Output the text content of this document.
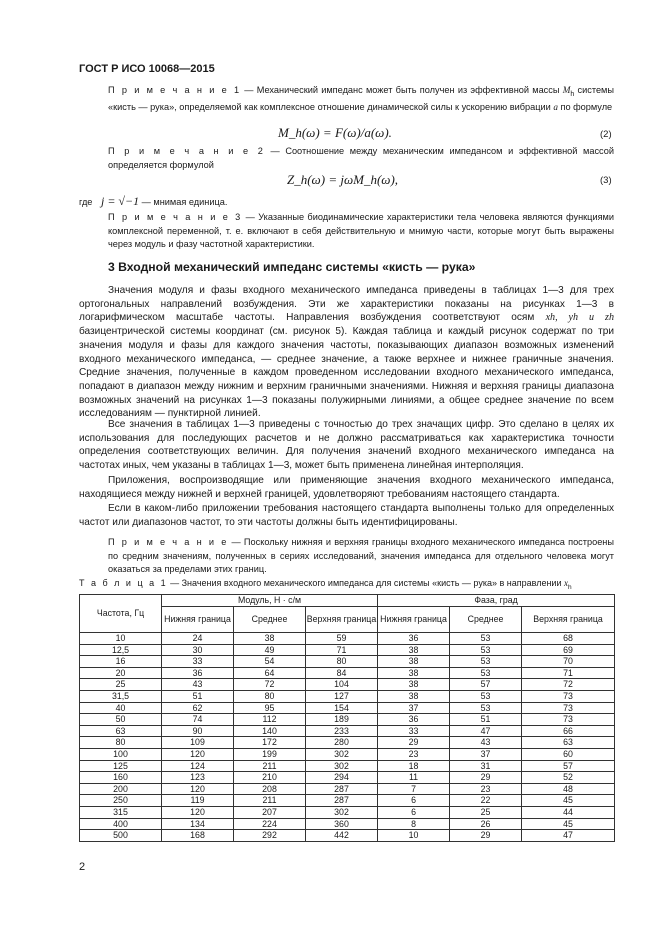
ГОСТ Р ИСО 10068—2015
П р и м е ч а н и е 1 — Механический импеданс может быть получен из эффективной массы $M_h$ системы «кисть — рука», определяемой как комплексное отношение динамической силы к ускорению вибрации a по формуле
M_h(ω) = F(ω)/a(ω).	(2)
П р и м е ч а н и е 2 — Соотношение между механическим импедансом и эффективной массой определяется формулой
Z_h(ω) = jωM_h(ω),	(3)
где j = √−1 — мнимая единица.
П р и м е ч а н и е 3 — Указанные биодинамические характеристики тела человека являются функциями комплексной переменной, т. е. включают в себя действительную и мнимую части, которые могут быть выражены через модуль и фазу частотной характеристики.
3 Входной механический импеданс системы «кисть — рука»
Значения модуля и фазы входного механического импеданса приведены в таблицах 1—3 для трех ортогональных направлений возбуждения. Эти же характеристики показаны на рисунках 1—3 в логарифмическом масштабе частоты. Направления возбуждения соответствуют осям xh, yh и zh базицентрической системы координат (см. рисунок 5). Каждая таблица и каждый рисунок содержат по три значения модуля и фазы для каждого значения частоты, показывающих диапазон возможных изменений входного механического импеданса, — среднее значение, а также верхнее и нижнее граничные значения. Средние значения, полученные в каждом проведенном исследовании входного механического импеданса, попадают в диапазон между нижним и верхним граничными значениями. Нижняя и верхняя границы диапазона возможных значений на рисунках 1—3 показаны полужирными линиями, а общее среднее значение по всем исследованиям — пунктирной линией.
Все значения в таблицах 1—3 приведены с точностью до трех значащих цифр. Это сделано в целях их использования для последующих расчетов и не должно рассматриваться как характеристика точности определения соответствующих величин. Для получения значений входного механического импеданса на частотах иных, чем указаны в таблицах 1—3, может быть применена линейная интерполяция.
Приложения, воспроизводящие или применяющие значения входного механического импеданса, находящиеся между нижней и верхней границей, удовлетворяют требованиям настоящего стандарта.
Если в каком-либо приложении требования настоящего стандарта выполнены только для определенных частот или диапазонов частот, то эти частоты должны быть идентифицированы.
П р и м е ч а н и е — Поскольку нижняя и верхняя границы входного механического импеданса построены по средним значениям, полученных в сериях исследований, значения импеданса для отдельного человека могут оказаться за пределами этих границ.
Т а б л и ц а 1 — Значения входного механического импеданса для системы «кисть — рука» в направлении $x_h$
Частота, Гц	Модуль, Н · с/м			Фаза, град		
	Нижняя граница	Среднее	Верхняя граница	Нижняя граница	Среднее	Верхняя граница
10	24	38	59	36	53	68
12,5	30	49	71	38	53	69
16	33	54	80	38	53	70
20	36	64	84	38	53	71
25	43	72	104	38	57	72
31,5	51	80	127	38	53	73
40	62	95	154	37	53	73
50	74	112	189	36	51	73
63	90	140	233	33	47	66
80	109	172	280	29	43	63
100	120	199	302	23	37	60
125	124	211	302	18	31	57
160	123	210	294	11	29	52
200	120	208	287	7	23	48
250	119	211	287	6	22	45
315	120	207	302	6	25	44
400	134	224	360	8	26	45
500	168	292	442	10	29	47
2
